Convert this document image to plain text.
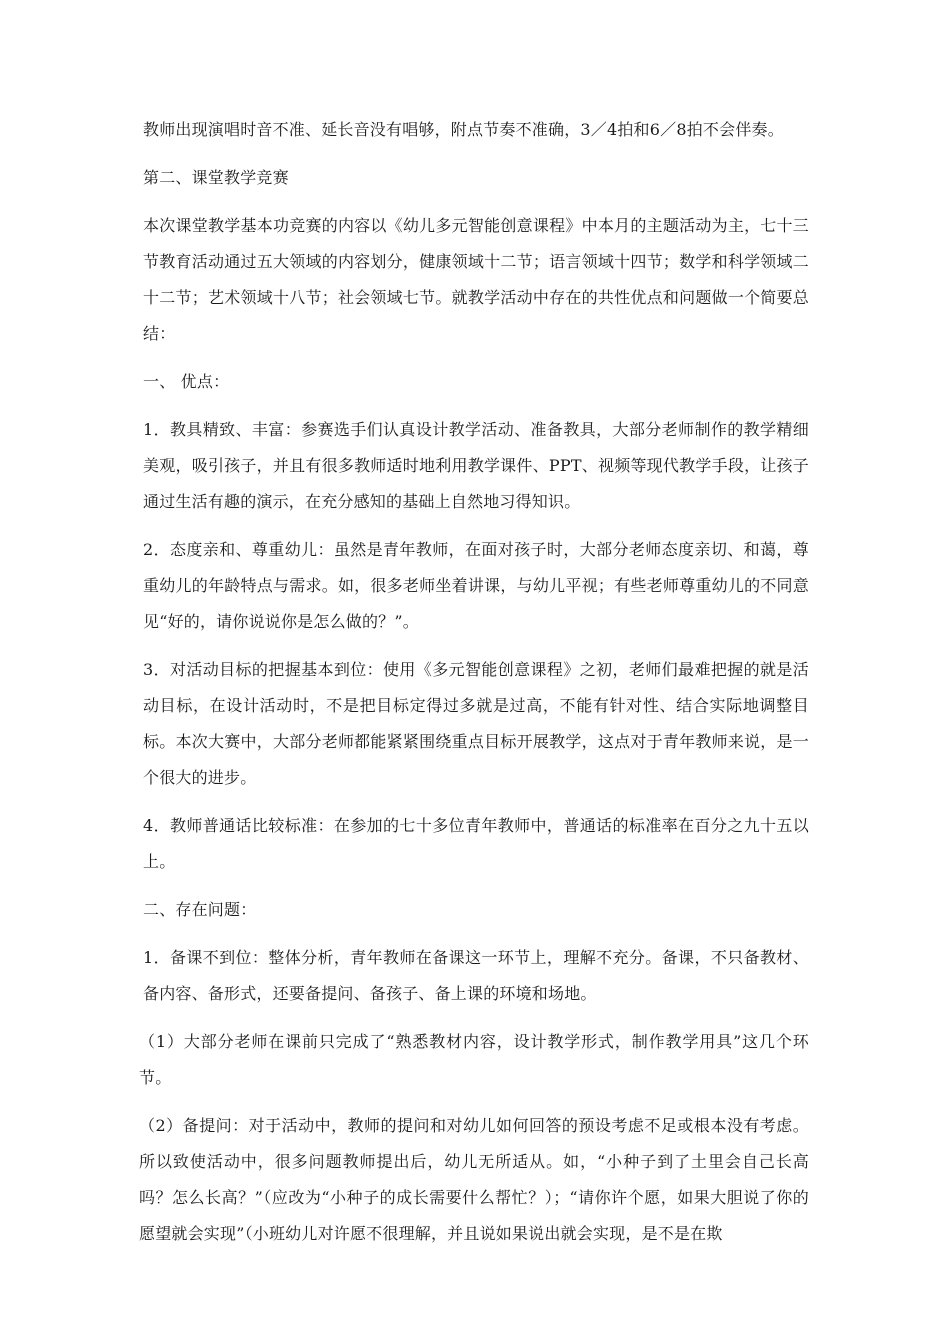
教师出现演唱时音不准、延长音没有唱够，附点节奏不准确，3／4拍和6／8拍不会伴奏。

第二、课堂教学竞赛

本次课堂教学基本功竞赛的内容以《幼儿多元智能创意课程》中本月的主题活动为主，七十三节教育活动通过五大领域的内容划分，健康领域十二节；语言领域十四节；数学和科学领域二十二节；艺术领域十八节；社会领域七节。就教学活动中存在的共性优点和问题做一个简要总结：

一、 优点：

1．教具精致、丰富：参赛选手们认真设计教学活动、准备教具，大部分老师制作的教学精细美观，吸引孩子，并且有很多教师适时地利用教学课件、PPT、视频等现代教学手段，让孩子通过生活有趣的演示，在充分感知的基础上自然地习得知识。

2．态度亲和、尊重幼儿：虽然是青年教师，在面对孩子时，大部分老师态度亲切、和蔼，尊重幼儿的年龄特点与需求。如，很多老师坐着讲课，与幼儿平视；有些老师尊重幼儿的不同意见“好的，请你说说你是怎么做的？”。

3．对活动目标的把握基本到位：使用《多元智能创意课程》之初，老师们最难把握的就是活动目标，在设计活动时，不是把目标定得过多就是过高，不能有针对性、结合实际地调整目标。本次大赛中，大部分老师都能紧紧围绕重点目标开展教学，这点对于青年教师来说，是一个很大的进步。

4．教师普通话比较标准：在参加的七十多位青年教师中，普通话的标准率在百分之九十五以上。

二、存在问题：

1．备课不到位：整体分析，青年教师在备课这一环节上，理解不充分。备课，不只备教材、备内容、备形式，还要备提问、备孩子、备上课的环境和场地。

（1）大部分老师在课前只完成了“熟悉教材内容，设计教学形式，制作教学用具”这几个环节。

（2）备提问：对于活动中，教师的提问和对幼儿如何回答的预设考虑不足或根本没有考虑。所以致使活动中，很多问题教师提出后，幼儿无所适从。如，“小种子到了土里会自己长高吗？怎么长高？”（应改为“小种子的成长需要什么帮忙？）；“请你许个愿，如果大胆说了你的愿望就会实现”（小班幼儿对许愿不很理解，并且说如果说出就会实现，是不是在欺
